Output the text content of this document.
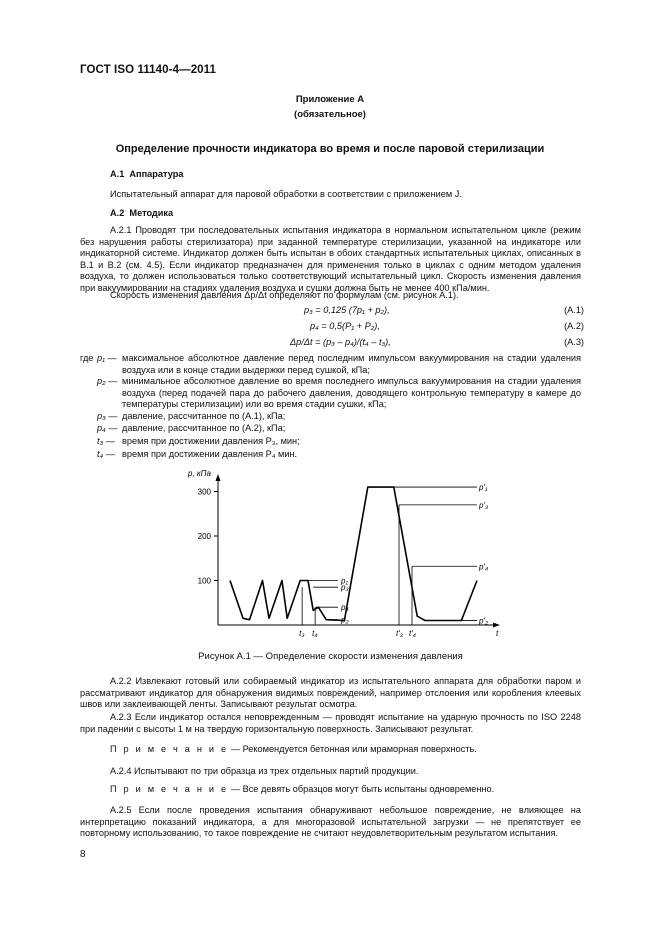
ГОСТ ISO 11140-4—2011
Приложение А
(обязательное)
Определение прочности индикатора во время и после паровой стерилизации
А.1 Аппаратура
Испытательный аппарат для паровой обработки в соответствии с приложением J.
А.2 Методика

А.2.1 Проводят три последовательных испытания индикатора в нормальном испытательном цикле (режим без нарушения работы стерилизатора) при заданной температуре стерилизации, указанной на индикаторе или индикаторной системе. Индикатор должен быть испытан в обоих стандартных испытательных циклах, описанных в В.1 и В.2 (см. 4.5). Если индикатор предназначен для применения только в циклах с одним методом удаления воздуха, то должен использоваться только соответствующий испытательный цикл. Скорость изменения давления при вакуумировании на стадиях удаления воздуха и сушки должна быть не менее 400 кПа/мин.

Скорость изменения давления Δp/Δt определяют по формулам (см. рисунок А.1).
p₃ = 0,125 (7p₁ + p₂),	(А.1)
p₄ = 0,5(P₁ + P₂),	(А.2)
Δp/Δt = (p₃ – p₄)/(t₄ – t₃),	(А.3)
где p₁ — максимальное абсолютное давление перед последним импульсом вакуумирования на стадии удаления воздуха или в конце стадии выдержки перед сушкой, кПа;

p₂ — минимальное абсолютное давление во время последнего импульса вакуумирования на стадии удаления воздуха (перед подачей пара до рабочего давления, доводящего контрольную температуру в камере до температуры стерилизации) или во время стадии сушки, кПа;

p₃ — давление, рассчитанное по (А.1), кПа;
p₄ — давление, рассчитанное по (А.2), кПа;
t₃ — время при достижении давления P₃, мин;
t₄ — время при достижении давления P₄ мин.
p, кПа
t
100
200
300
p₁
p₃
p₄
p₂
p′₁
p′₃
p′₄
p′₂
t₃ t₄	t′₃ t′₄
Рисунок А.1 — Определение скорости изменения давления

А.2.2 Извлекают готовый или собираемый индикатор из испытательного аппарата для обработки паром и рассматривают индикатор для обнаружения видимых повреждений, например отслоения или коробления клеевых швов или заклеивающей ленты. Записывают результат осмотра.

А.2.3 Если индикатор остался неповрежденным — проводят испытание на ударную прочность по ISO 2248 при падении с высоты 1 м на твердую горизонтальную поверхность. Записывают результат.

П р и м е ч а н и е — Рекомендуется бетонная или мраморная поверхность.
А.2.4 Испытывают по три образца из трех отдельных партий продукции.
П р и м е ч а н и е — Все девять образцов могут быть испытаны одновременно.

А.2.5 Если после проведения испытания обнаруживают небольшое повреждение, не влияющее на интерпретацию показаний индикатора, а для многоразовой испытательной загрузки — не препятствует ее повторному использованию, то такое повреждение не считают неудовлетворительным результатом испытания.

8
